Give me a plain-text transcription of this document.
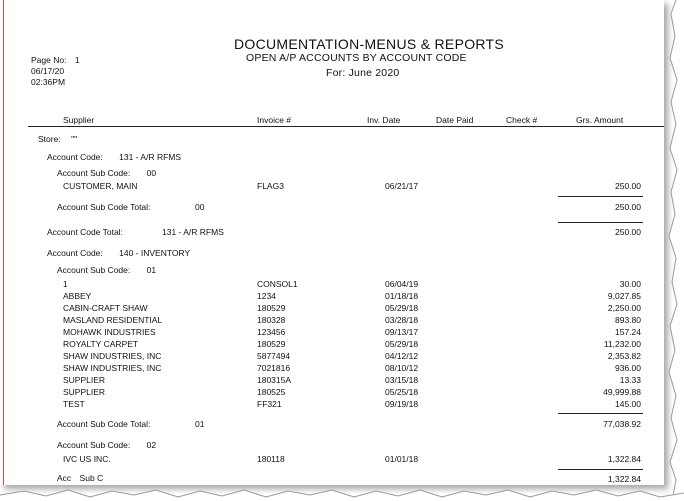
DOCUMENTATION-MENUS & REPORTS
OPEN A/P ACCOUNTS BY ACCOUNT CODE
For: June 2020
Page No: 1
06/17/20
02:36PM
Supplier	Invoice #	Inv. Date	Date Paid	Check #	Grs. Amount
Store: ""
Account Code: 131 - A/R RFMS
Account Sub Code: 00
CUSTOMER, MAIN	FLAG3	06/21/17	250.00
Account Sub Code Total:	00	250.00
Account Code Total:	131 - A/R RFMS	250.00
Account Code: 140 - INVENTORY
Account Sub Code: 01
1	CONSOL1	06/04/19	30.00
ABBEY	1234	01/18/18	9,027.85
CABIN-CRAFT SHAW	180529	05/29/18	2,250.00
MASLAND RESIDENTIAL	180328	03/28/18	893.80
MOHAWK INDUSTRIES	123456	09/13/17	157.24
ROYALTY CARPET	180529	05/29/18	11,232.00
SHAW INDUSTRIES, INC	5877494	04/12/12	2,353.82
SHAW INDUSTRIES, INC	7021816	08/10/12	936.00
SUPPLIER	180315A	03/15/18	13.33
SUPPLIER	180525	05/25/18	49,999.88
TEST	FF321	09/19/18	145.00
Account Sub Code Total:	01	77,038.92
Account Sub Code: 02
IVC US INC.	180118	01/01/18	1,322.84
Acc Sub C	1,322.84
